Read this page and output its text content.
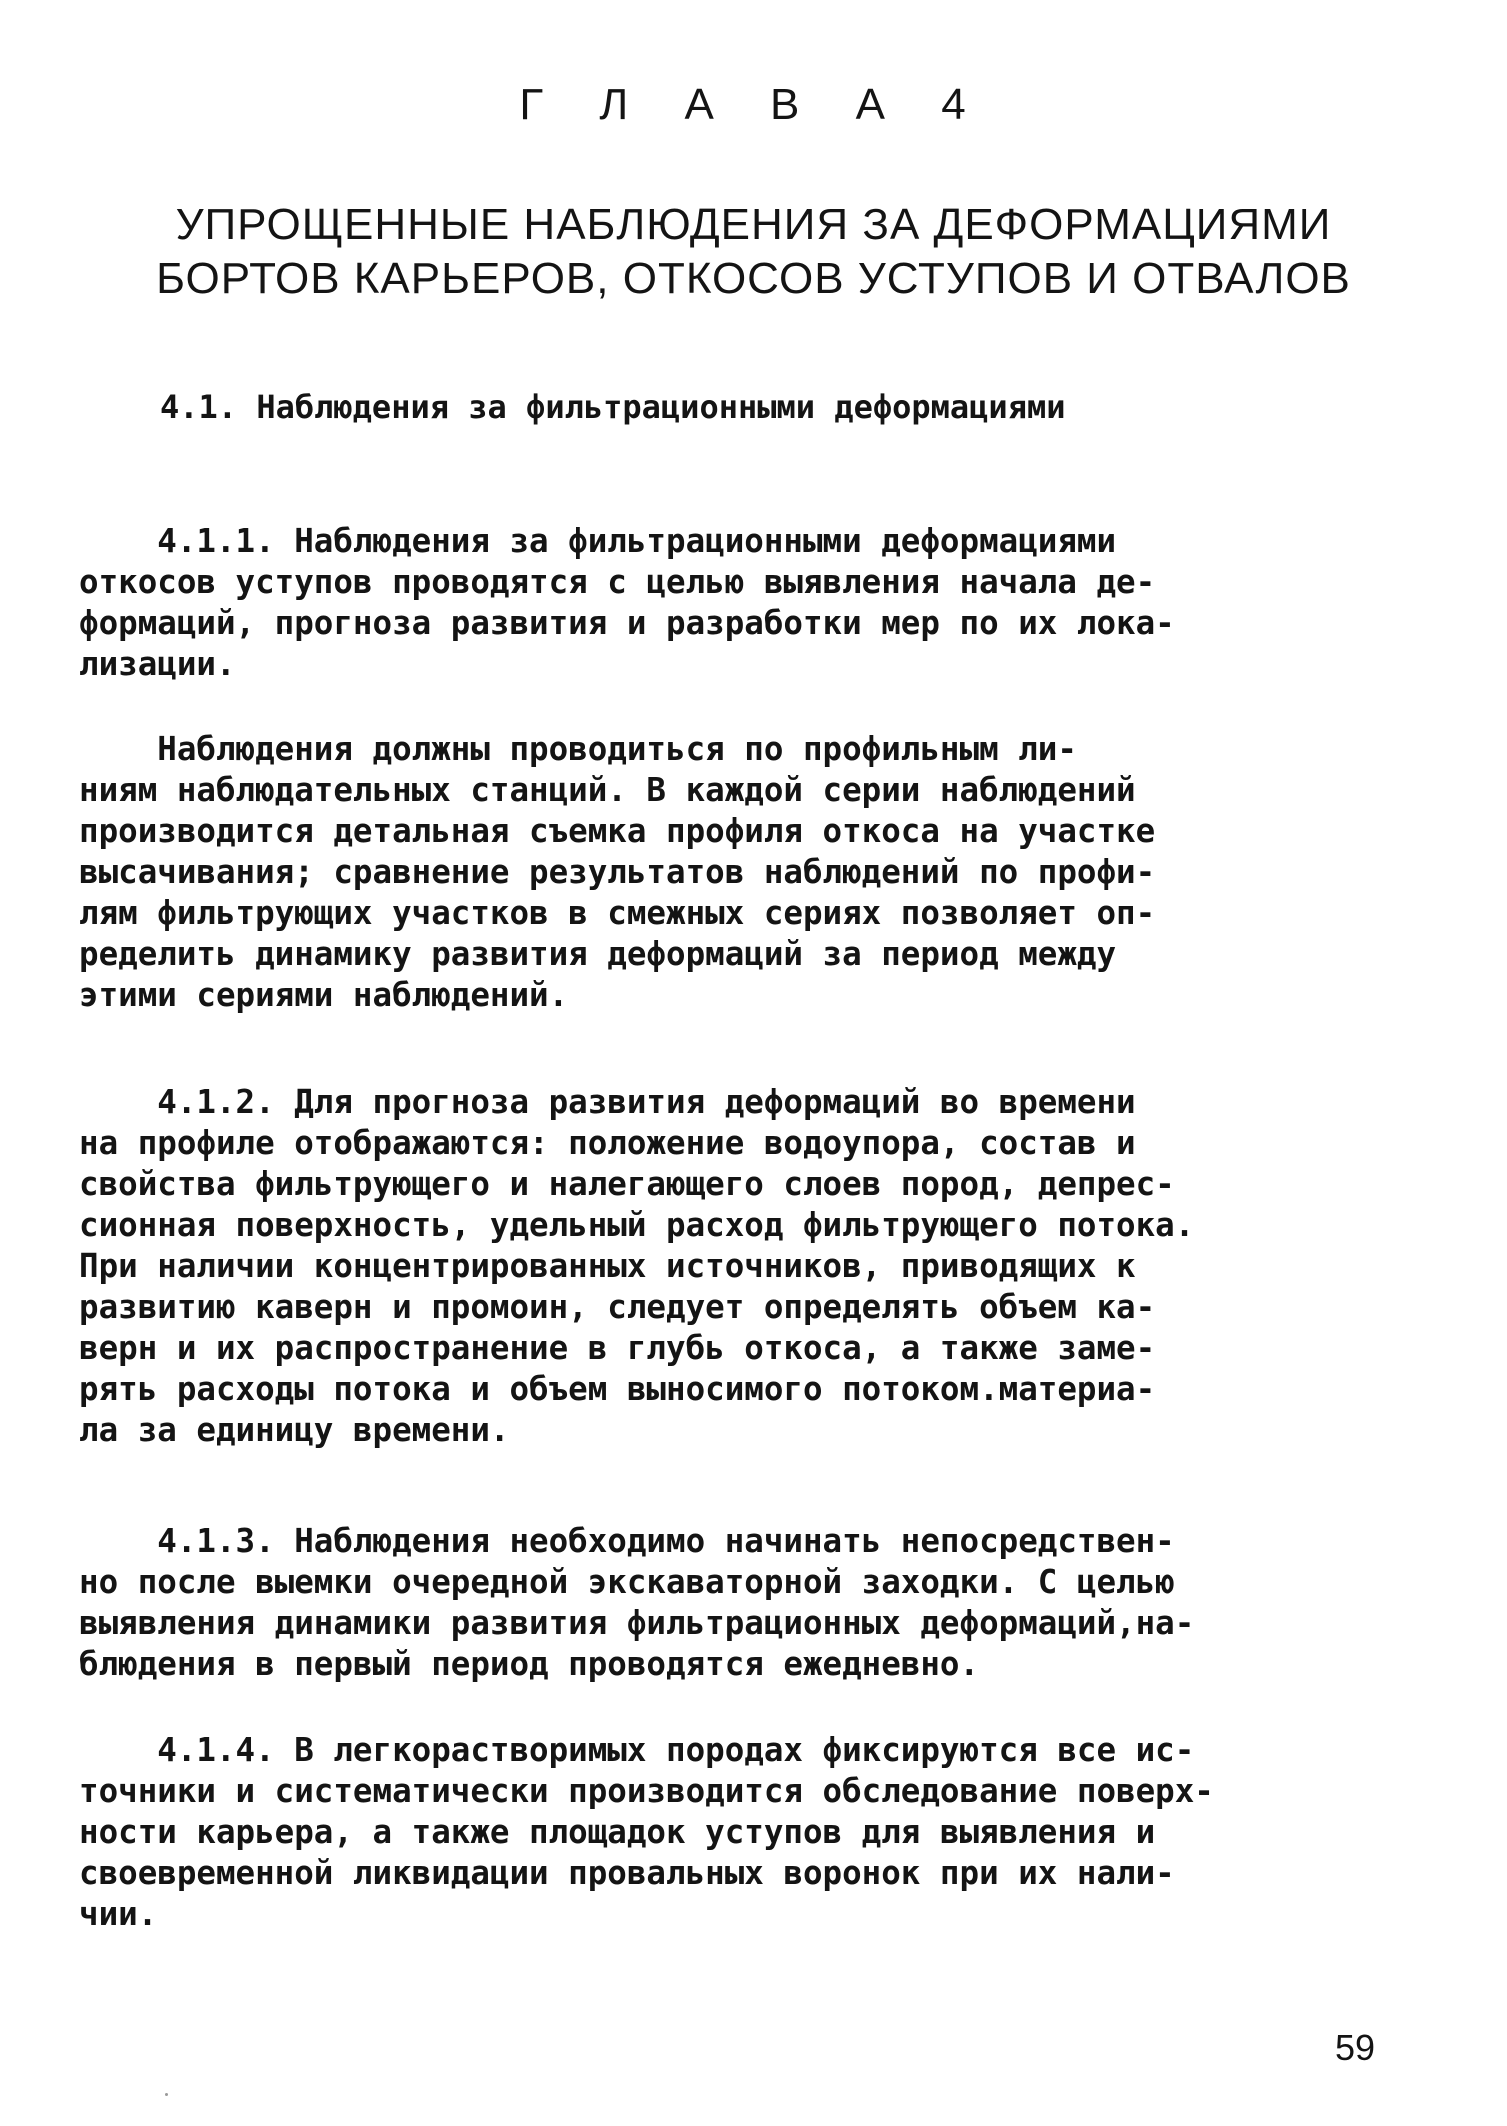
Г Л А В А 4
УПРОЩЕННЫЕ НАБЛЮДЕНИЯ ЗА ДЕФОРМАЦИЯМИ
БОРТОВ КАРЬЕРОВ, ОТКОСОВ УСТУПОВ И ОТВАЛОВ
4.1. Наблюдения за фильтрационными деформациями
4.1.1. Наблюдения за фильтрационными деформациями
откосов уступов проводятся с целью выявления начала де-
формаций, прогноза развития и разработки мер по их лока-
лизации.
Наблюдения должны проводиться по профильным ли-
ниям наблюдательных станций. В каждой серии наблюдений
производится детальная съемка профиля откоса на участке
высачивания; сравнение результатов наблюдений по профи-
лям фильтрующих участков в смежных сериях позволяет оп-
ределить динамику развития деформаций за период между
этими сериями наблюдений.
4.1.2. Для прогноза развития деформаций во времени
на профиле отображаются: положение водоупора, состав и
свойства фильтрующего и налегающего слоев пород, депрес-
сионная поверхность, удельный расход фильтрующего потока.
При наличии концентрированных источников, приводящих к
развитию каверн и промоин, следует определять объем ка-
верн и их распространение в глубь откоса, а также заме-
рять расходы потока и объем выносимого потоком.материа-
ла за единицу времени.
4.1.3. Наблюдения необходимо начинать непосредствен-
но после выемки очередной экскаваторной заходки. С целью
выявления динамики развития фильтрационных деформаций,на-
блюдения в первый период проводятся ежедневно.
4.1.4. В легкорастворимых породах фиксируются все ис-
точники и систематически производится обследование поверх-
ности карьера, а также площадок уступов для выявления и
своевременной ликвидации провальных воронок при их нали-
чии.
59
